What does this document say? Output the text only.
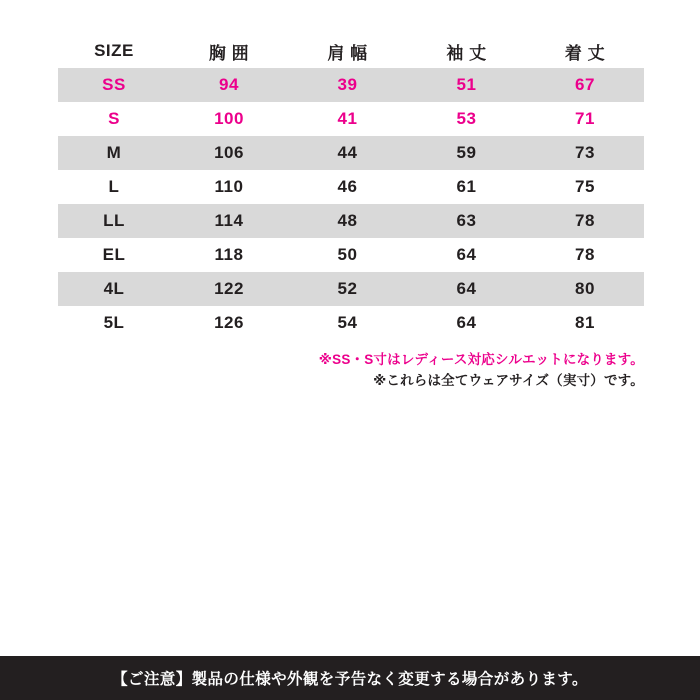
SIZE	胸 囲	肩 幅	袖 丈	着 丈
SS	94	39	51	67
S	100	41	53	71
M	106	44	59	73
L	110	46	61	75
LL	114	48	63	78
EL	118	50	64	78
4L	122	52	64	80
5L	126	54	64	81
※SS・S寸はレディース対応シルエットになります。
※これらは全てウェアサイズ（実寸）です。
【ご注意】製品の仕様や外観を予告なく変更する場合があります。
